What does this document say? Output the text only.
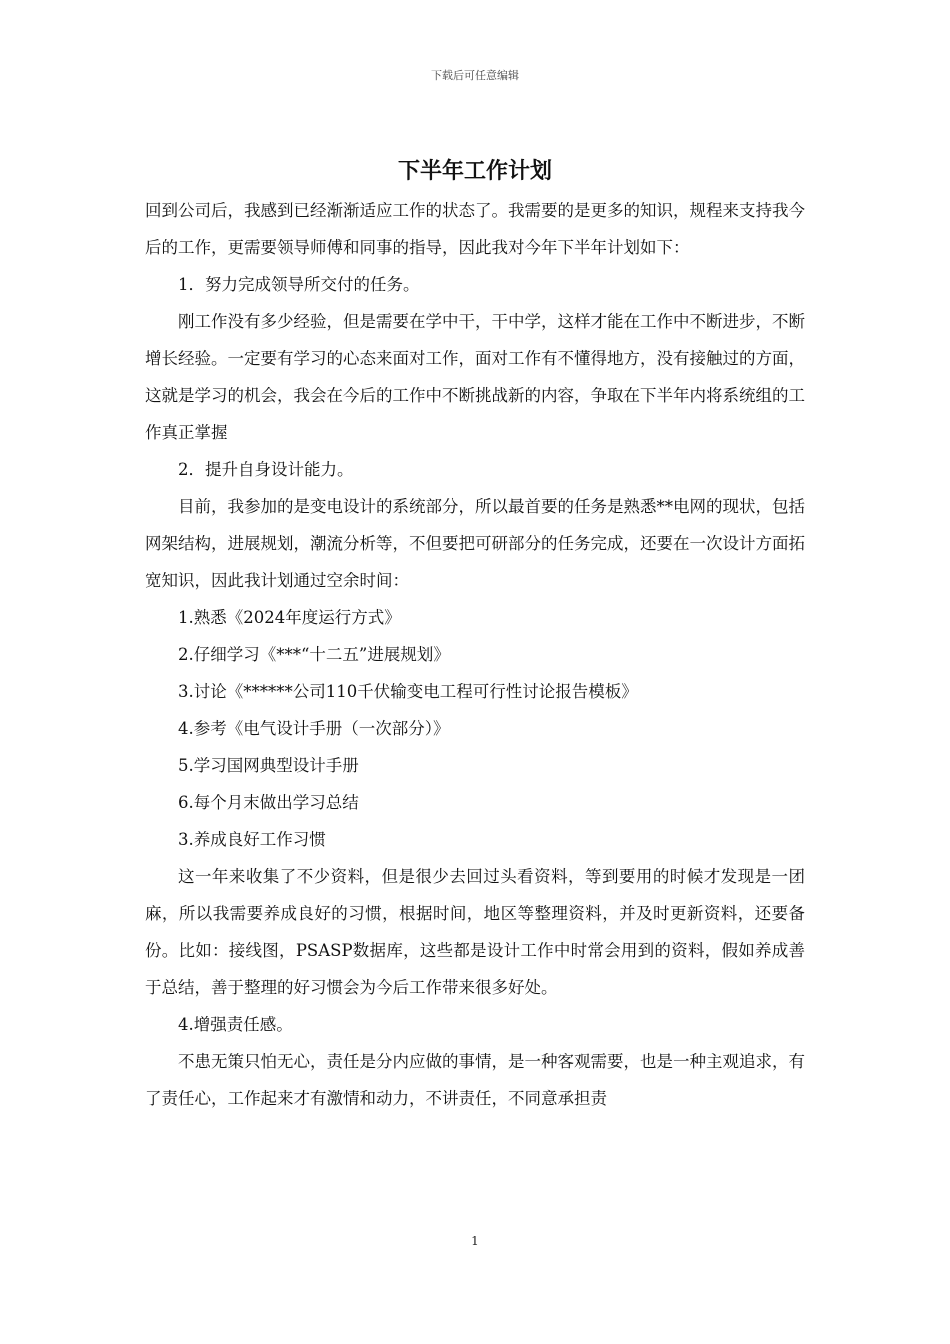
下载后可任意编辑
下半年工作计划

回到公司后，我感到已经渐渐适应工作的状态了。我需要的是更多的知识，规程来支持我今后的工作，更需要领导师傅和同事的指导，因此我对今年下半年计划如下：

1．努力完成领导所交付的任务。

刚工作没有多少经验，但是需要在学中干，干中学，这样才能在工作中不断进步，不断增长经验。一定要有学习的心态来面对工作，面对工作有不懂得地方，没有接触过的方面，这就是学习的机会，我会在今后的工作中不断挑战新的内容，争取在下半年内将系统组的工作真正掌握

2．提升自身设计能力。

目前，我参加的是变电设计的系统部分，所以最首要的任务是熟悉**电网的现状，包括网架结构，进展规划，潮流分析等，不但要把可研部分的任务完成，还要在一次设计方面拓宽知识，因此我计划通过空余时间：

1.熟悉《2024年度运行方式》

2.仔细学习《***“十二五”进展规划》

3.讨论《******公司110千伏输变电工程可行性讨论报告模板》

4.参考《电气设计手册（一次部分）》

5.学习国网典型设计手册

6.每个月末做出学习总结

3.养成良好工作习惯

这一年来收集了不少资料，但是很少去回过头看资料，等到要用的时候才发现是一团麻，所以我需要养成良好的习惯，根据时间，地区等整理资料，并及时更新资料，还要备份。比如：接线图，PSASP数据库，这些都是设计工作中时常会用到的资料，假如养成善于总结，善于整理的好习惯会为今后工作带来很多好处。

4.增强责任感。

不患无策只怕无心，责任是分内应做的事情，是一种客观需要，也是一种主观追求，有了责任心，工作起来才有激情和动力，不讲责任，不同意承担责

1
